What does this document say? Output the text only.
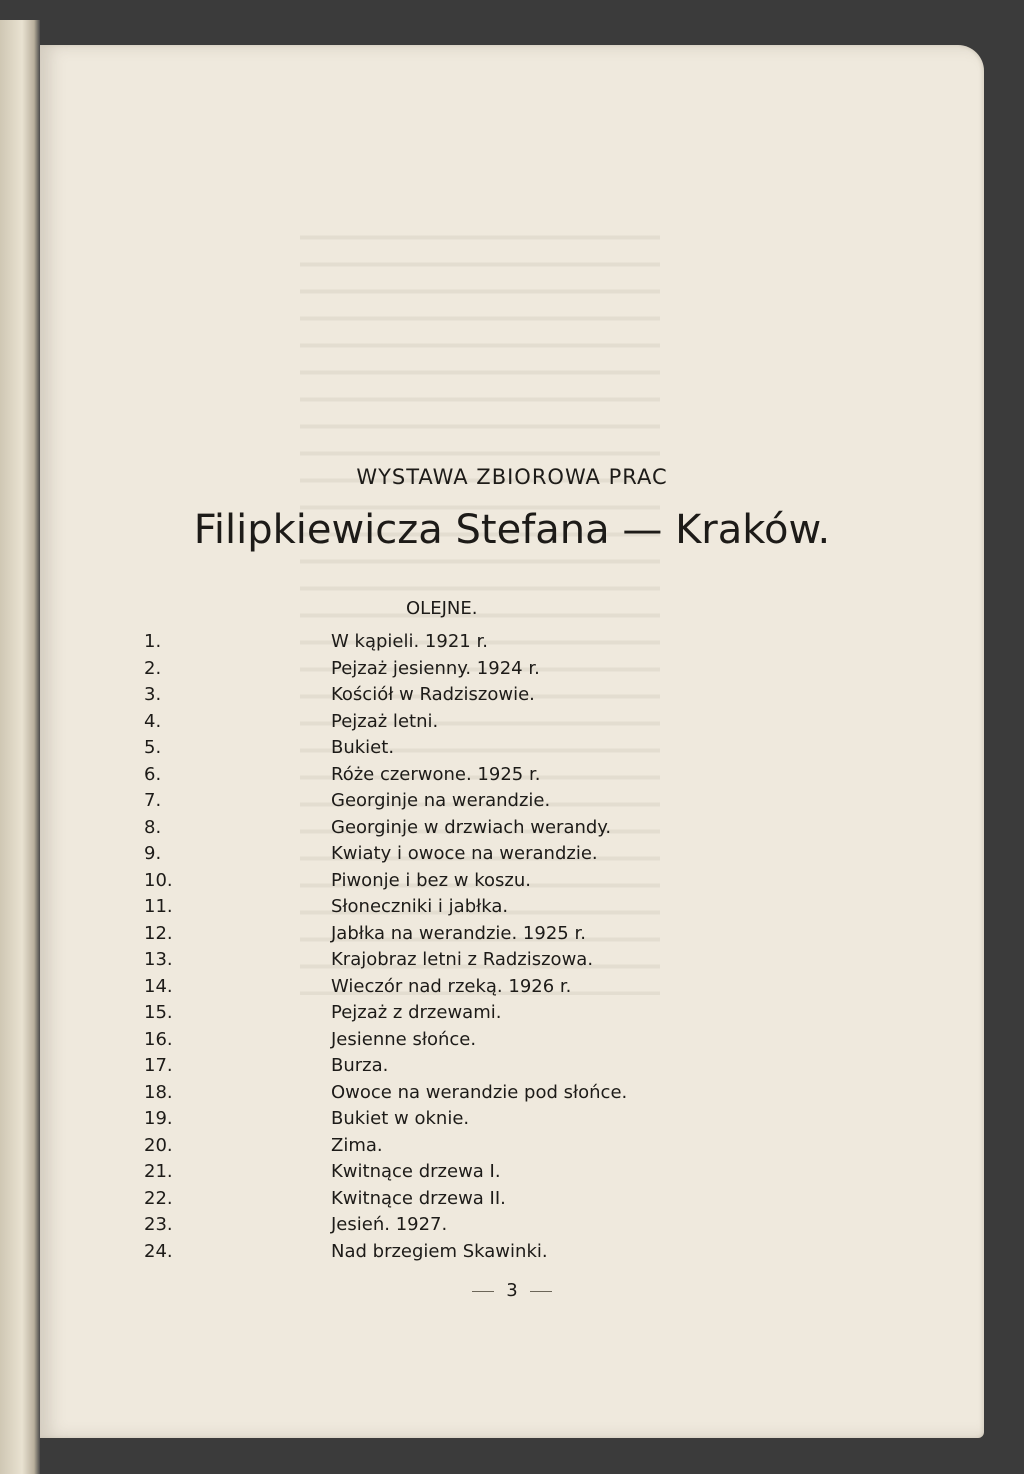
WYSTAWA ZBIOROWA PRAC

Filipkiewicza Stefana — Kraków.

OLEJNE.

1.	W kąpieli. 1921 r.
2.	Pejzaż jesienny. 1924 r.
3.	Kościół w Radziszowie.
4.	Pejzaż letni.
5.	Bukiet.
6.	Róże czerwone. 1925 r.
7.	Georginje na werandzie.
8.	Georginje w drzwiach werandy.
9.	Kwiaty i owoce na werandzie.
10.	Piwonje i bez w koszu.
11.	Słoneczniki i jabłka.
12.	Jabłka na werandzie. 1925 r.
13.	Krajobraz letni z Radziszowa.
14.	Wieczór nad rzeką. 1926 r.
15.	Pejzaż z drzewami.
16.	Jesienne słońce.
17.	Burza.
18.	Owoce na werandzie pod słońce.
19.	Bukiet w oknie.
20.	Zima.
21.	Kwitnące drzewa I.
22.	Kwitnące drzewa II.
23.	Jesień. 1927.
24.	Nad brzegiem Skawinki.
3
